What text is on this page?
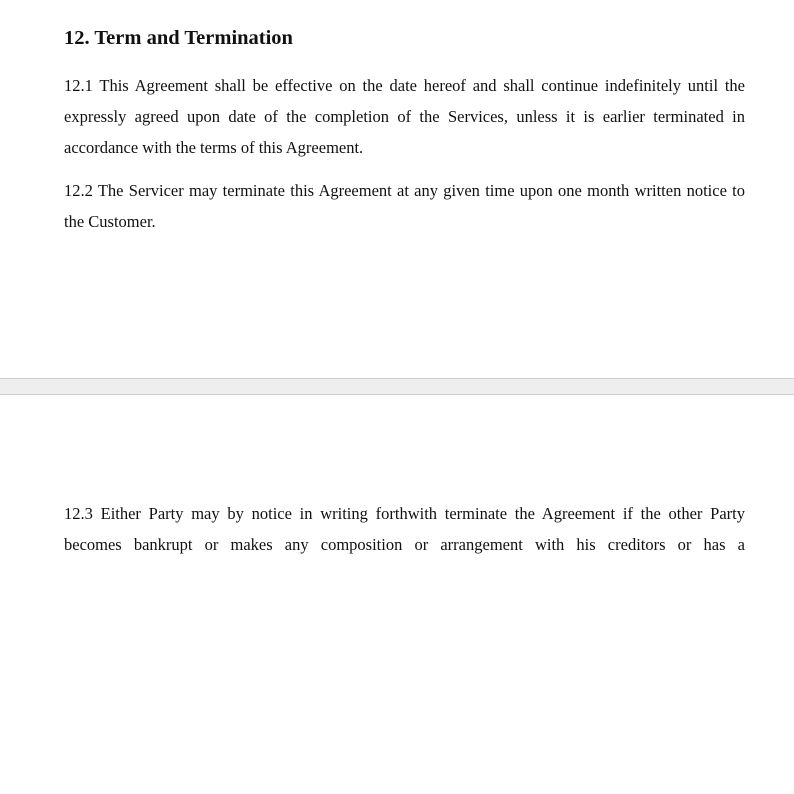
12. Term and Termination

12.1 This Agreement shall be effective on the date hereof and shall continue indefinitely until the expressly agreed upon date of the completion of the Services, unless it is earlier terminated in accordance with the terms of this Agreement.

12.2 The Servicer may terminate this Agreement at any given time upon one month written notice to the Customer.

12.3 Either Party may by notice in writing forthwith terminate the Agreement if the other Party becomes bankrupt or makes any composition or arrangement with his creditors or has a
